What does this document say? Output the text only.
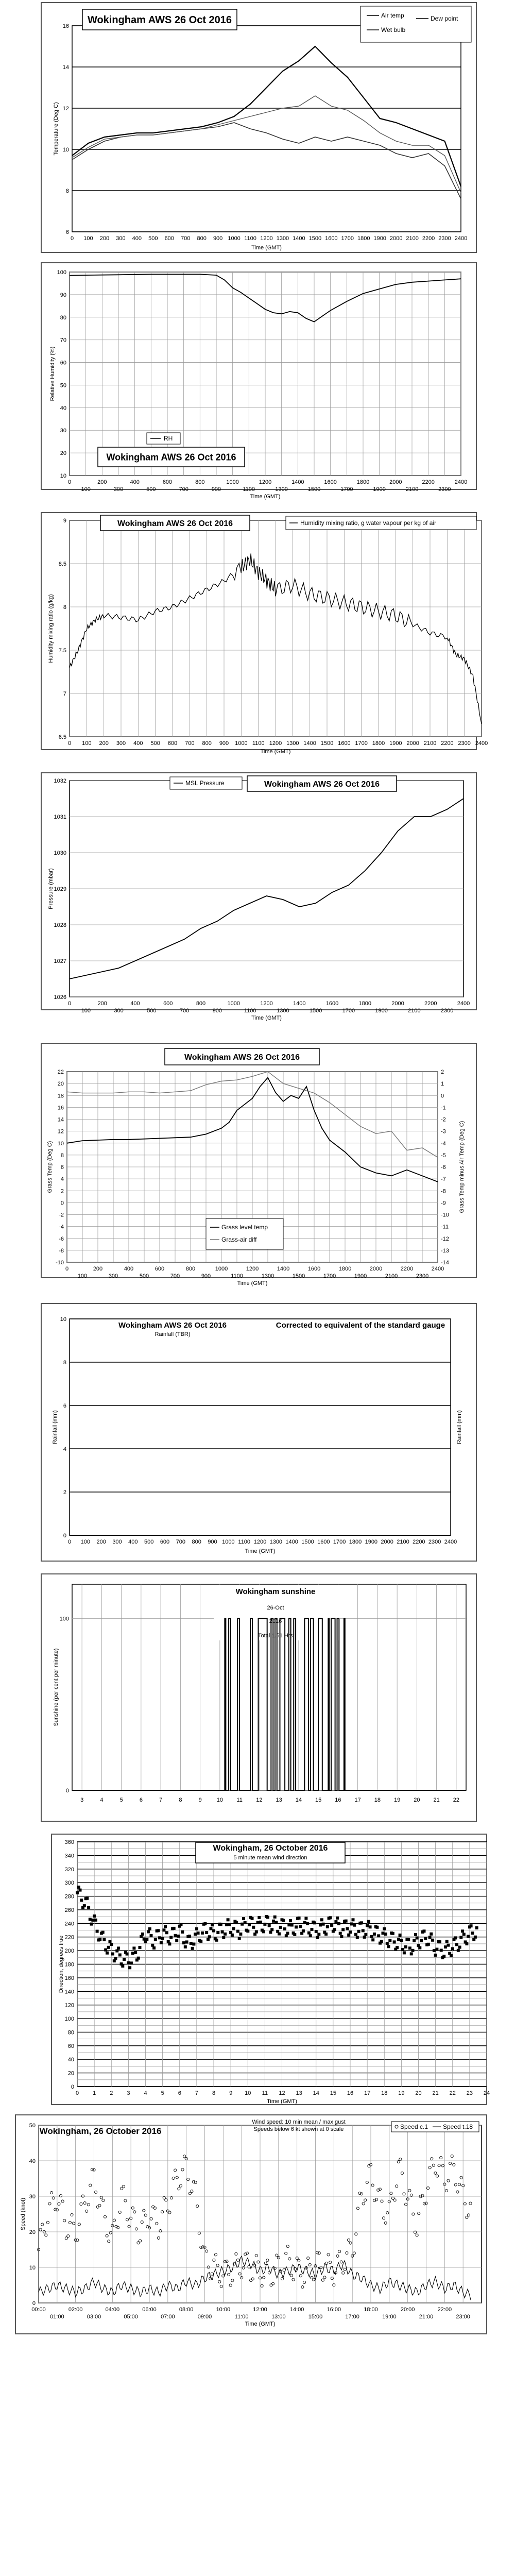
6
8
10
12
14
16
0 100 200 300 400 500 600 700 800 900 1000 1100 1200 1300 1400 1500 1600 1700 1800 1900 2000 2100 2200 2300 2400
Wokingham AWS 26 Oct 2016
Time (GMT)
Temperature (Deg C)
Air temp
Wet bulb
Dew point
10
20
30
40
50
60
70
80
90
100
0	200	400	600	800	1000	1200	1400	1600	1800	2000	2200	2400
100	300	500	700	900	1100	1300	1500	1700	1900	2100	2300
Time (GMT)
Relative Humidity (%)
RH
Wokingham AWS 26 Oct 2016
6.5
7
7.5
8
8.5
9
0 100 200 300 400 500 600 700 800 900 1000 1100 1200 1300 1400 1500 1600 1700 1800 1900 2000 2100 2200 2300 2400
Wokingham AWS 26 Oct 2016	Humidity mixing ratio, g water vapour per kg of air
Time (GMT)
Humidity mixing ratio (g/kg)
1026
1027
1028
1029
1030
1031
1032
0	200	400	600	800	1000	1200	1400	1600	1800	2000	2200	2400
100	300	500	700	900	1100	1300	1500	1700	1900	2100	2300
MSL Pressure	Wokingham AWS 26 Oct 2016
Time (GMT)
Pressure (mbar)
-10
-8
-6
-4
-2
0
2
4
6
8
10
12
14
16
18
20
22
-14
-13
-12
-11
-10
-9
-8
-7
-6
-5
-4
-3
-2
-1
0
1
2
0	200	400	600	800	1000	1200	1400	1600	1800	2000	2200	2400
100	300	500	700	900	1100	1300	1500	1700	1900	2100	2300
Wokingham AWS 26 Oct 2016
Grass level temp
Grass-air diff
Time (GMT)
Grass Temp (Deg C)	Grass Temp minus Air Temp (Deg C)
0
2
4
6
8
10
0 100 200 300 400 500 600 700 800 900 1000 1100 1200 1300 1400 1500 1600 1700 1800 1900 2000 2100 2200 2300 2400
Wokingham AWS 26 Oct 2016
Rainfall (TBR)
Corrected to equivalent of the standard gauge
Time (GMT)
Rainfall (mm)	Rainfall (mm)
3	4	5	6	7	8	9	10 11 12 13 14 15 16 17 18 19 20 21 22
0
100
Wokingham sunshine
26-Oct
2016
Total 1.51 Hrs
Sunshine (per cent per minute)
0
20
40
60
80
100
120
140
160
180
200
220
240
260
280
300
320
340
360
0 1 2 3 4 5 6 7 8 9 10 11 12 13 14 15 16 17 18 19 20 21 22 23 24
Wokingham, 26 October 2016
5 minute mean wind direction
Time (GMT)
Direction, degrees true
0
10
20
30
40
50
00:00	02:00	04:00	06:00	08:00	10:00	12:00	14:00	16:00	18:00	20:00	22:00
01:00	03:00	05:00	07:00	09:00	11:00	13:00	15:00	17:00	19:00	21:00	23:00
Wokingham, 26 October 2016
Wind speed: 10 min mean / max gust
Speeds below 6 kt shown at 0 scale	Speed c.1 Speed t.18
Time (GMT)
Speed (knot)
